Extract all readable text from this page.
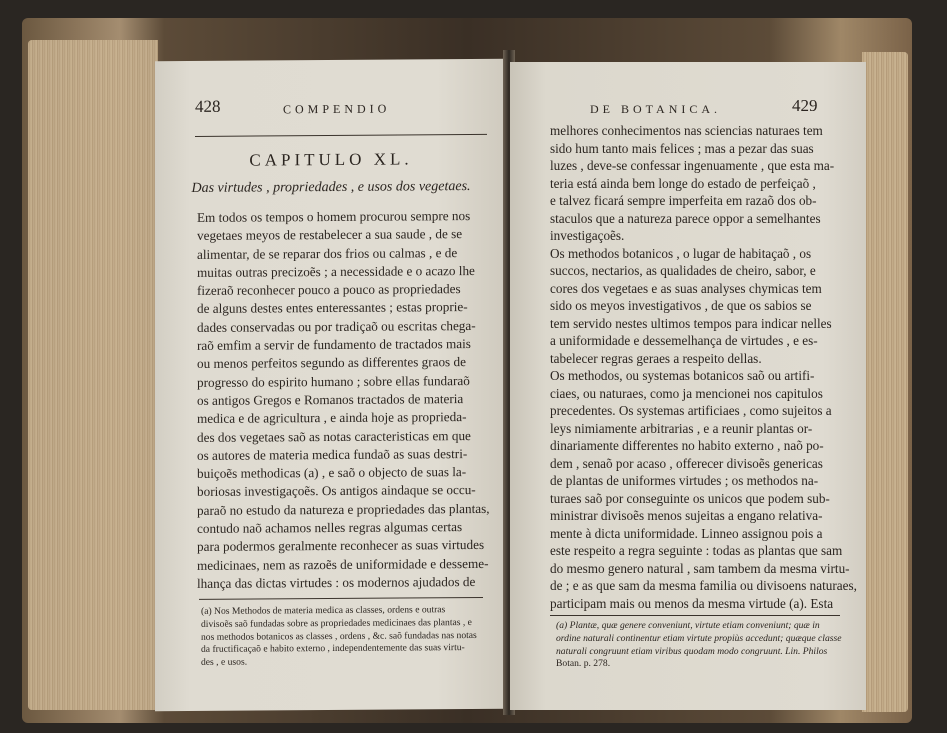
428	COMPENDIO
CAPITULO XL.
Das virtudes , propriedades , e usos dos vegetaes.
Em todos os tempos o homem procurou sempre nos
vegetaes meyos de restabelecer a sua saude , de se
alimentar, de se reparar dos frios ou calmas , e de
muitas outras precizoẽs ; a necessidade e o acazo lhe
fizeraõ reconhecer pouco a pouco as propriedades
de alguns destes entes enteressantes ; estas proprie-
dades conservadas ou por tradiçaõ ou escritas chega-
raõ emfim a servir de fundamento de tractados mais
ou menos perfeitos segundo as differentes graos de
progresso do espirito humano ; sobre ellas fundaraõ
os antigos Gregos e Romanos tractados de materia
medica e de agricultura , e ainda hoje as proprieda-
des dos vegetaes saõ as notas caracteristicas em que
os autores de materia medica fundaõ as suas destri-
buiçoẽs methodicas (a) , e saõ o objecto de suas la-
boriosas investigaçoẽs. Os antigos aindaque se occu-
paraõ no estudo da natureza e propriedades das plantas,
contudo naõ achamos nelles regras algumas certas
para podermos geralmente reconhecer as suas virtudes
medicinaes, nem as razoẽs de uniformidade e desseme-
lhança das dictas virtudes : os modernos ajudados de
(a) Nos Methodos de materia medica as classes, ordens e outras
divisoẽs saõ fundadas sobre as propriedades medicinaes das plantas , e
nos methodos botanicos as classes , ordens , &c. saõ fundadas nas notas
da fructificaçaõ e habito externo , independentemente das suas virtu-
des , e usos.
DE BOTANICA.	429
melhores conhecimentos nas sciencias naturaes tem
sido hum tanto mais felices ; mas a pezar das suas
luzes , deve-se confessar ingenuamente , que esta ma-
teria está ainda bem longe do estado de perfeiçaõ ,
e talvez ficará sempre imperfeita em razaõ dos ob-
staculos que a natureza parece oppor a semelhantes
investigaçoẽs.
Os methodos botanicos , o lugar de habitaçaõ , os
succos, nectarios, as qualidades de cheiro, sabor, e
cores dos vegetaes e as suas analyses chymicas tem
sido os meyos investigativos , de que os sabios se
tem servido nestes ultimos tempos para indicar nelles
a uniformidade e dessemelhança de virtudes , e es-
tabelecer regras geraes a respeito dellas.
Os methodos, ou systemas botanicos saõ ou artifi-
ciaes, ou naturaes, como ja mencionei nos capitulos
precedentes. Os systemas artificiaes , como sujeitos a
leys nimiamente arbitrarias , e a reunir plantas or-
dinariamente differentes no habito externo , naõ po-
dem , senaõ por acaso , offerecer divisoẽs genericas
de plantas de uniformes virtudes ; os methodos na-
turaes saõ por conseguinte os unicos que podem sub-
ministrar divisoẽs menos sujeitas a engano relativa-
mente à dicta uniformidade. Linneo assignou pois a
este respeito a regra seguinte : todas as plantas que sam
do mesmo genero natural , sam tambem da mesma virtu-
de ; e as que sam da mesma familia ou divisoens naturaes,
participam mais ou menos da mesma virtude (a). Esta
(a) Plantæ, quæ genere conveniunt, virtute etiam conveniunt; quæ in
ordine naturali continentur etiam virtute propiùs accedunt; quæque classe
naturali congruunt etiam viribus quodam modo congruunt. Lin. Philos
Botan. p. 278.
